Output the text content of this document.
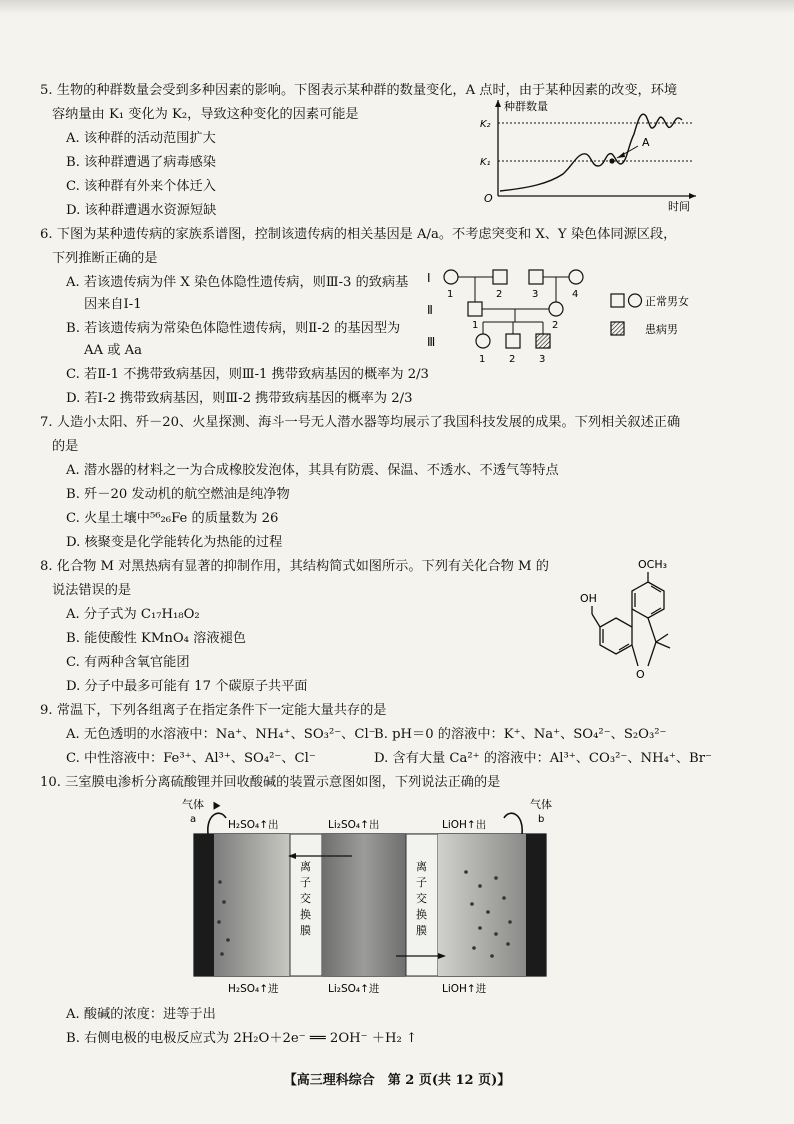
5. 生物的种群数量会受到多种因素的影响。下图表示某种群的数量变化，A 点时，由于某种因素的改变，环境
容纳量由 K₁ 变化为 K₂，导致这种变化的因素可能是
A. 该种群的活动范围扩大
B. 该种群遭遇了病毒感染
C. 该种群有外来个体迁入
D. 该种群遭遇水资源短缺
种群数量
时间
O
K₂
K₁
A
6. 下图为某种遗传病的家族系谱图，控制该遗传病的相关基因是 A/a。不考虑突变和 X、Y 染色体同源区段，
下列推断正确的是
A. 若该遗传病为伴 X 染色体隐性遗传病，则Ⅲ-3 的致病基
因来自Ⅰ-1
B. 若该遗传病为常染色体隐性遗传病，则Ⅱ-2 的基因型为
AA 或 Aa
C. 若Ⅱ-1 不携带致病基因，则Ⅲ-1 携带致病基因的概率为 2/3
D. 若Ⅰ-2 携带致病基因，则Ⅲ-2 携带致病基因的概率为 2/3
Ⅰ
Ⅱ
Ⅲ
1	2	3	4
1	2
1 2 3
正常男女
患病男
7. 人造小太阳、歼－20、火星探测、海斗一号无人潜水器等均展示了我国科技发展的成果。下列相关叙述正确
的是
A. 潜水器的材料之一为合成橡胶发泡体，其具有防震、保温、不透水、不透气等特点
B. 歼－20 发动机的航空燃油是纯净物
C. 火星土壤中⁵⁶₂₆Fe 的质量数为 26
D. 核聚变是化学能转化为热能的过程
8. 化合物 M 对黑热病有显著的抑制作用，其结构简式如图所示。下列有关化合物 M 的
说法错误的是
A. 分子式为 C₁₇H₁₈O₂
B. 能使酸性 KMnO₄ 溶液褪色
C. 有两种含氧官能团
D. 分子中最多可能有 17 个碳原子共平面
OCH₃
OH
O
9. 常温下，下列各组离子在指定条件下一定能大量共存的是
A. 无色透明的水溶液中：Na⁺、NH₄⁺、SO₃²⁻、Cl⁻
B. pH＝0 的溶液中：K⁺、Na⁺、SO₄²⁻、S₂O₃²⁻
C. 中性溶液中：Fe³⁺、Al³⁺、SO₄²⁻、Cl⁻	D. 含有大量 Ca²⁺ 的溶液中：Al³⁺、CO₃²⁻、NH₄⁺、Br⁻
10. 三室膜电渗析分离硫酸锂并回收酸碱的装置示意图如图，下列说法正确的是
气体
a
气体
b
H₂SO₄↑出	Li₂SO₄↑出	LiOH↑出
离
子
交
换
膜
离
子
交
换
膜
H₂SO₄↑进	Li₂SO₄↑进	LiOH↑进
A. 酸碱的浓度：进等于出
B. 右侧电极的电极反应式为 2H₂O＋2e⁻ ══ 2OH⁻ ＋H₂ ↑
【高三理科综合　第 2 页(共 12 页)】
